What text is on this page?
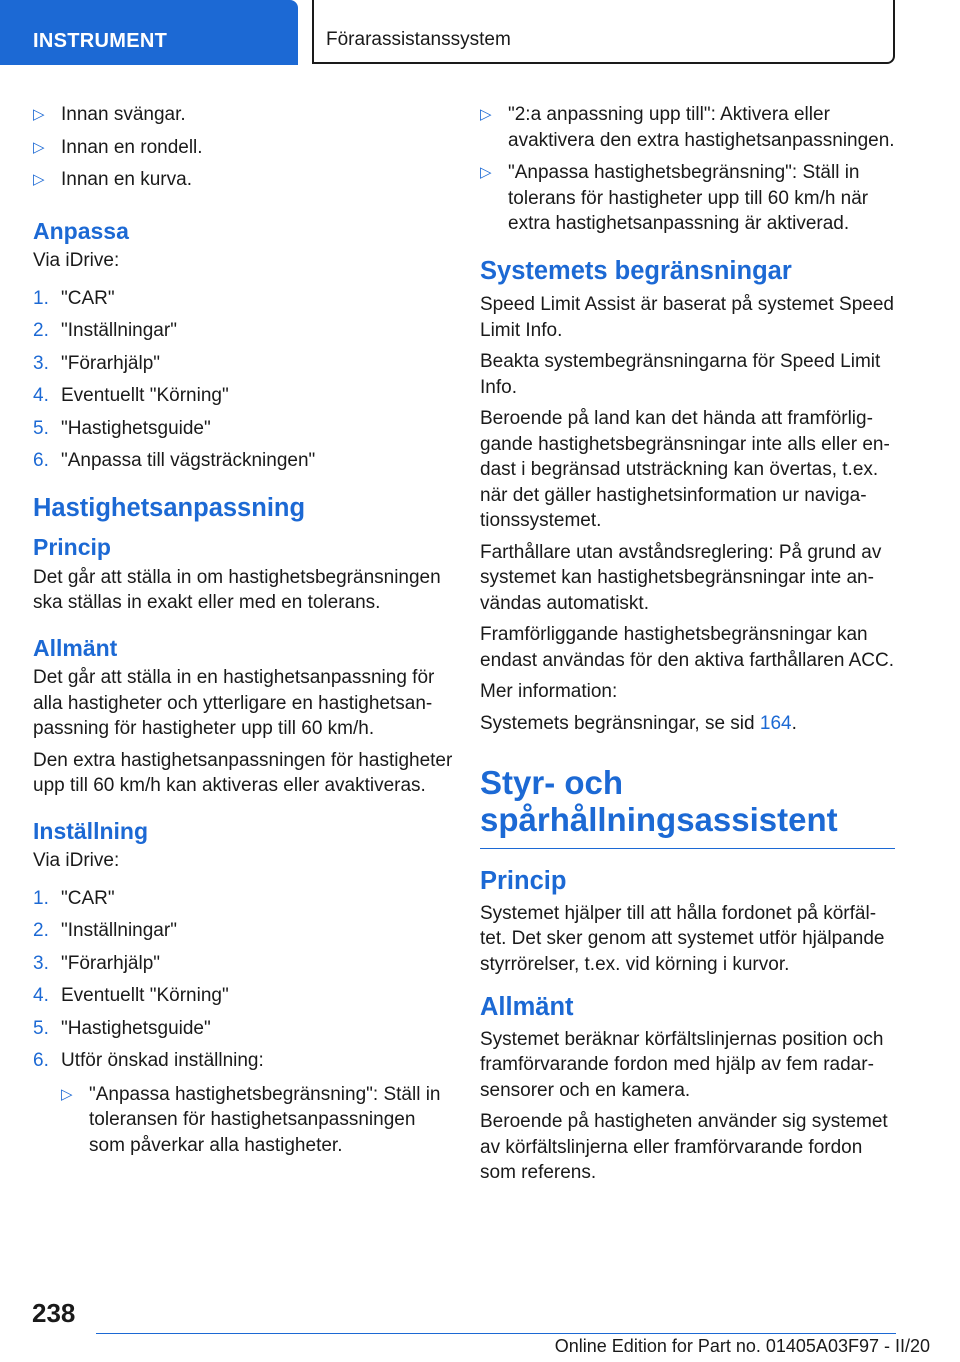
INSTRUMENT	Förarassistanssystem
▷ Innan svängar.
▷ Innan en rondell.
▷ Innan en kurva.
Anpassa

Via iDrive:

1. "CAR"
2. "Inställningar"
3. "Förarhjälp"
4. Eventuellt "Körning"
5. "Hastighetsguide"
6. "Anpassa till vägsträckningen"
Hastighetsanpassning
Princip

Det går att ställa in om hastighetsbegränsningen ska ställas in exakt eller med en tolerans.

Allmänt

Det går att ställa in en hastighetsanpassning för alla hastigheter och ytterligare en hastighetsanpassning för hastigheter upp till 60 km/h.

Den extra hastighetsanpassningen för hastigheter upp till 60 km/h kan aktiveras eller avaktiveras.

Inställning

Via iDrive:

1. "CAR"
2. "Inställningar"
3. "Förarhjälp"
4. Eventuellt "Körning"
5. "Hastighetsguide"
6. Utför önskad inställning:
▷ "Anpassa hastighetsbegränsning": Ställ in toleransen för hastighetsanpassningen som påverkar alla hastigheter.
▷ "2:a anpassning upp till": Aktivera eller avaktivera den extra hastighetsanpassningen.
▷ "Anpassa hastighetsbegränsning": Ställ in tolerans för hastigheter upp till 60 km/h när extra hastighetsanpassning är aktiverad.
Systemets begränsningar

Speed Limit Assist är baserat på systemet Speed Limit Info.

Beakta systembegränsningarna för Speed Limit Info.

Beroende på land kan det hända att framförliggande hastighetsbegränsningar inte alls eller endast i begränsad utsträckning kan övertas, t.ex. när det gäller hastighetsinformation ur navigationssystemet.

Farthållare utan avståndsreglering: På grund av systemet kan hastighetsbegränsningar inte användas automatiskt.

Framförliggande hastighetsbegränsningar kan endast användas för den aktiva farthållaren ACC.

Mer information:

Systemets begränsningar, se sid 164.

Styr- och spårhållningsassistent
Princip

Systemet hjälper till att hålla fordonet på körfältet. Det sker genom att systemet utför hjälpande styrrörelser, t.ex. vid körning i kurvor.

Allmänt

Systemet beräknar körfältslinjernas position och framförvarande fordon med hjälp av fem radarsensorer och en kamera.

Beroende på hastigheten använder sig systemet av körfältslinjerna eller framförvarande fordon som referens.

238
Online Edition for Part no. 01405A03F97 - II/20
